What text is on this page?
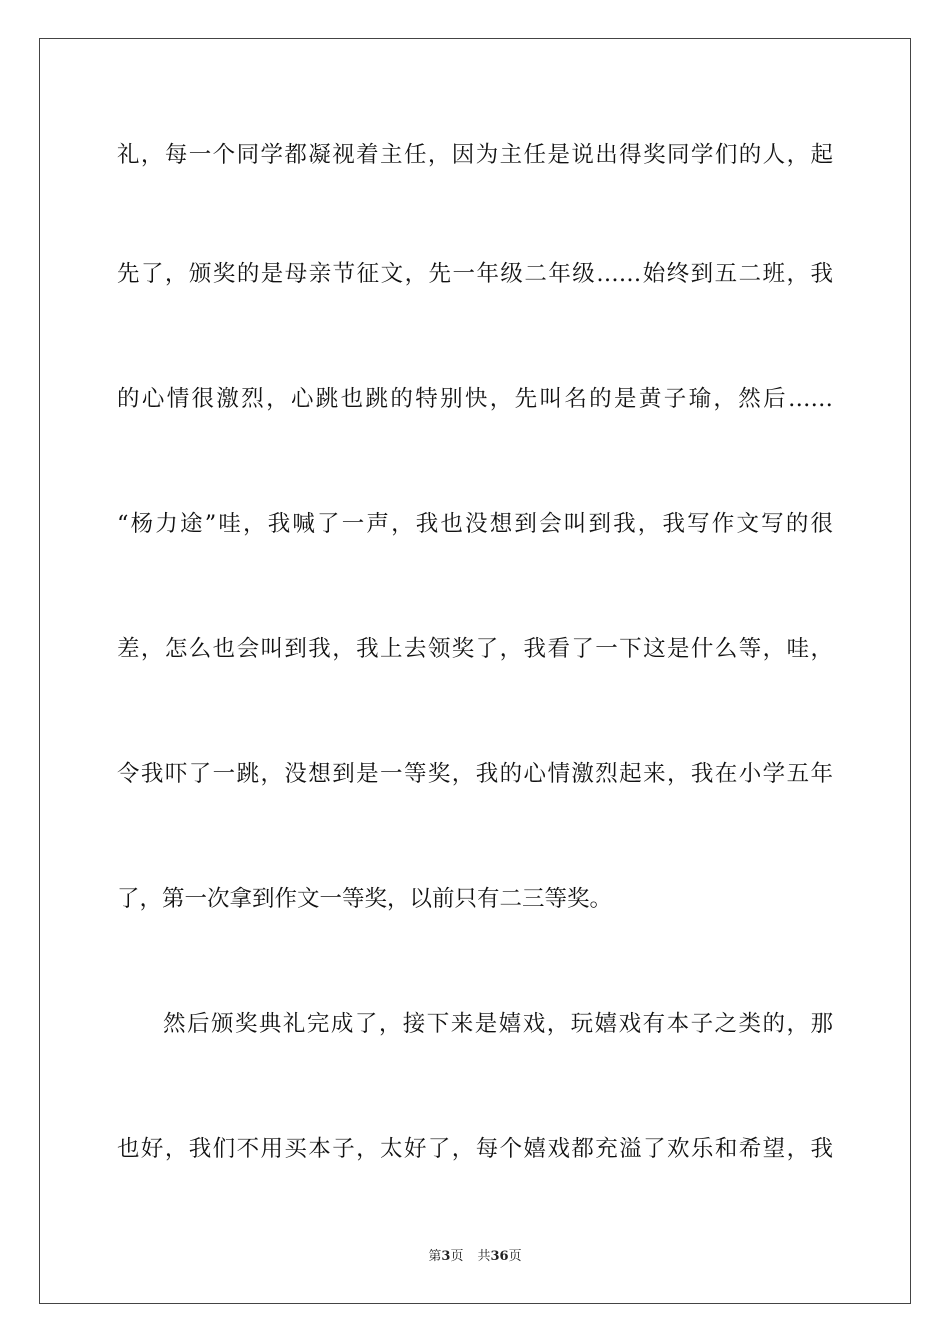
礼，每一个同学都凝视着主任，因为主任是说出得奖同学们的人，起
先了，颁奖的是母亲节征文，先一年级二年级……始终到五二班，我
的心情很激烈，心跳也跳的特别快，先叫名的是黄子瑜，然后……
“杨力途”哇，我喊了一声，我也没想到会叫到我，我写作文写的很
差，怎么也会叫到我，我上去领奖了，我看了一下这是什么等，哇，
令我吓了一跳，没想到是一等奖，我的心情激烈起来，我在小学五年
了，第一次拿到作文一等奖，以前只有二三等奖。
然后颁奖典礼完成了，接下来是嬉戏，玩嬉戏有本子之类的，那
也好，我们不用买本子，太好了，每个嬉戏都充溢了欢乐和希望，我
第3页 共36页
